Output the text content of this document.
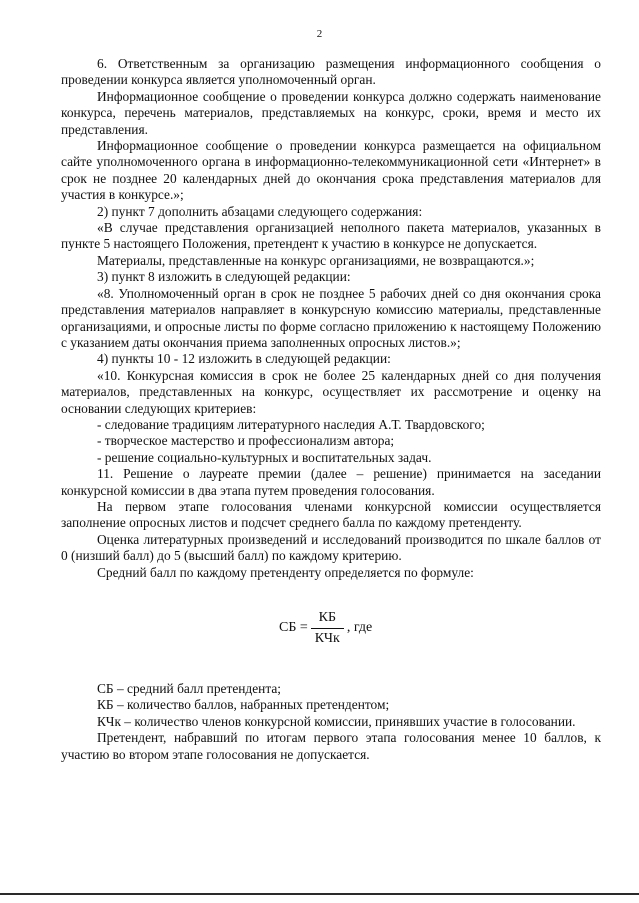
2
6. Ответственным за организацию размещения информационного сообщения о проведении конкурса является уполномоченный орган.
Информационное сообщение о проведении конкурса должно содержать наименование конкурса, перечень материалов, представляемых на конкурс, сроки, время и место их представления.
Информационное сообщение о проведении конкурса размещается на официальном сайте уполномоченного органа в информационно-телекоммуникационной сети «Интернет» в срок не позднее 20 календарных дней до окончания срока представления материалов для участия в конкурсе.»;
2) пункт 7 дополнить абзацами следующего содержания:
«В случае представления организацией неполного пакета материалов, указанных в пункте 5 настоящего Положения, претендент к участию в конкурсе не допускается.
Материалы, представленные на конкурс организациями, не возвращаются.»;
3) пункт 8 изложить в следующей редакции:
«8. Уполномоченный орган в срок не позднее 5 рабочих дней со дня окончания срока представления материалов направляет в конкурсную комиссию материалы, представленные организациями, и опросные листы по форме согласно приложению к настоящему Положению с указанием даты окончания приема заполненных опросных листов.»;
4) пункты 10 - 12 изложить в следующей редакции:
«10. Конкурсная комиссия в срок не более 25 календарных дней со дня получения материалов, представленных на конкурс, осуществляет их рассмотрение и оценку на основании следующих критериев:
- следование традициям литературного наследия А.Т. Твардовского;
- творческое мастерство и профессионализм автора;
- решение социально-культурных и воспитательных задач.
11. Решение о лауреате премии (далее – решение) принимается на заседании конкурсной комиссии в два этапа путем проведения голосования.
На первом этапе голосования членами конкурсной комиссии осуществляется заполнение опросных листов и подсчет среднего балла по каждому претенденту.
Оценка литературных произведений и исследований производится по шкале баллов от 0 (низший балл) до 5 (высший балл) по каждому критерию.
Средний балл по каждому претенденту определяется по формуле:
СБ = $\frac{КБ}{\text{КЧк}}$ , где
СБ – средний балл претендента;
КБ – количество баллов, набранных претендентом;
КЧк – количество членов конкурсной комиссии, принявших участие в голосовании.
Претендент, набравший по итогам первого этапа голосования менее 10 баллов, к участию во втором этапе голосования не допускается.
